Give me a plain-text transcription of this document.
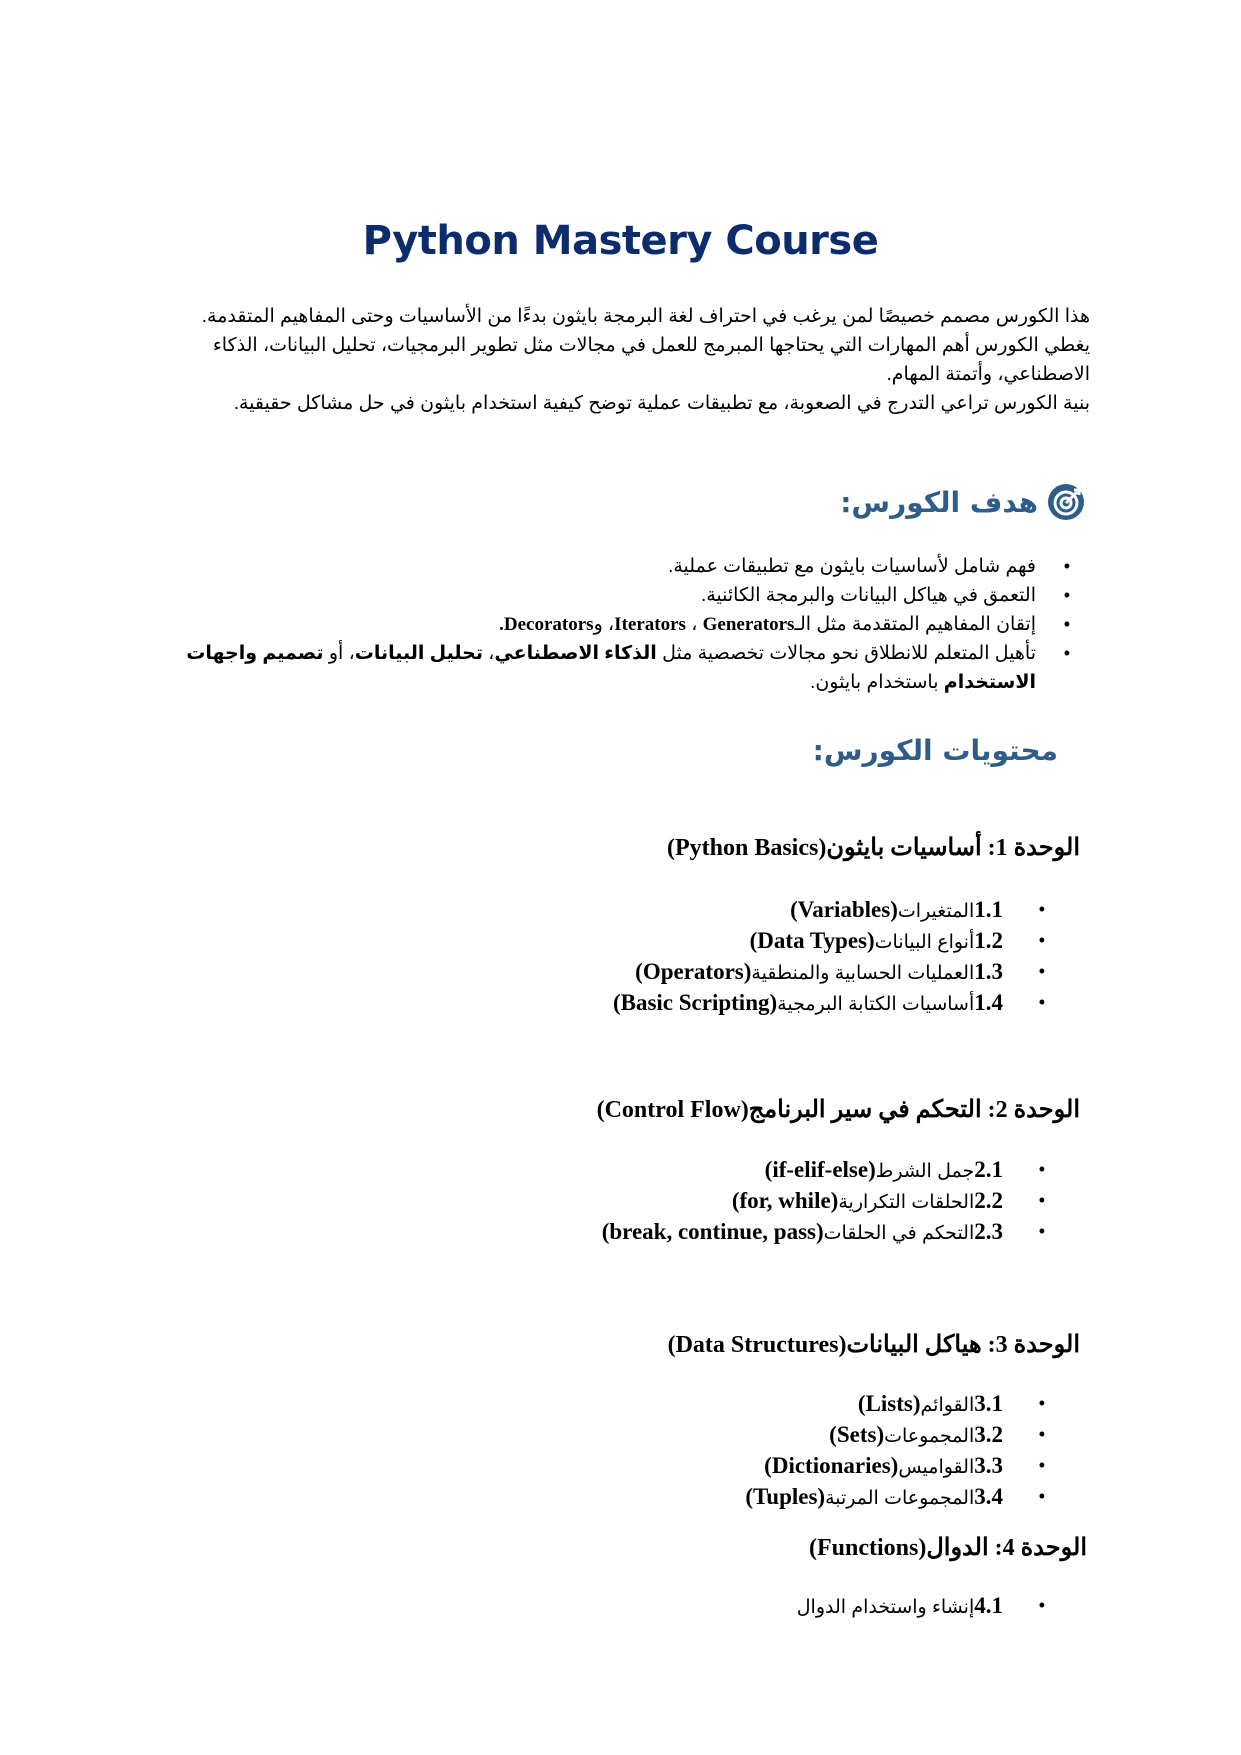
Python Mastery Course

هذا الكورس مصمم خصيصًا لمن يرغب في احتراف لغة البرمجة بايثون بدءًا من الأساسيات وحتى المفاهيم المتقدمة.

يغطي الكورس أهم المهارات التي يحتاجها المبرمج للعمل في مجالات مثل تطوير البرمجيات، تحليل البيانات، الذكاء الاصطناعي، وأتمتة المهام.

بنية الكورس تراعي التدرج في الصعوبة، مع تطبيقات عملية توضح كيفية استخدام بايثون في حل مشاكل حقيقية.

هدف الكورس:
• فهم شامل لأساسيات بايثون مع تطبيقات عملية.
• التعمق في هياكل البيانات والبرمجة الكائنية.
• إتقان المفاهيم المتقدمة مثل الـIterators ، Generators، وDecorators.
• تأهيل المتعلم للانطلاق نحو مجالات تخصصية مثل الذكاء الاصطناعي، تحليل البيانات، أو تصميم واجهات الاستخدام باستخدام بايثون.
محتويات الكورس:
الوحدة 1: أساسيات بايثون(Python Basics)
• 1.1المتغيرات(Variables)
• 1.2أنواع البيانات(Data Types)
• 1.3العمليات الحسابية والمنطقية(Operators)
• 1.4أساسيات الكتابة البرمجية(Basic Scripting)
الوحدة 2: التحكم في سير البرنامج(Control Flow)
• 2.1جمل الشرط(if-elif-else)
• 2.2الحلقات التكرارية(for, while)
• 2.3التحكم في الحلقات(break, continue, pass)
الوحدة 3: هياكل البيانات(Data Structures)
• 3.1القوائم(Lists)
• 3.2المجموعات(Sets)
• 3.3القواميس(Dictionaries)
• 3.4المجموعات المرتبة(Tuples)
الوحدة 4: الدوال(Functions)
• 4.1إنشاء واستخدام الدوال
